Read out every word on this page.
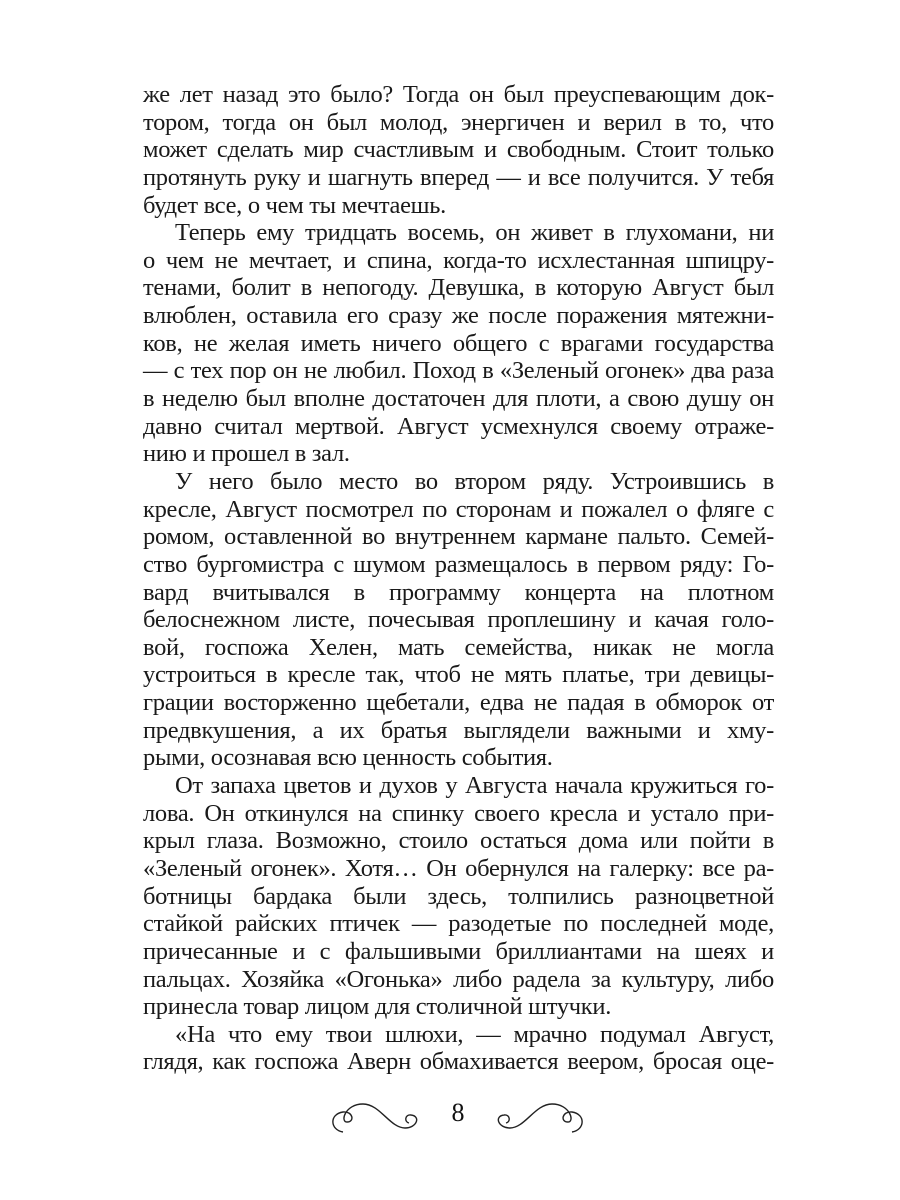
же лет назад это было? Тогда он был преуспевающим док-
тором, тогда он был молод, энергичен и верил в то, что
может сделать мир счастливым и свободным. Стоит только
протянуть руку и шагнуть вперед — и все получится. У тебя
будет все, о чем ты мечтаешь.
Теперь ему тридцать восемь, он живет в глухомани, ни
о чем не мечтает, и спина, когда-то исхлестанная шпицру-
тенами, болит в непогоду. Девушка, в которую Август был
влюблен, оставила его сразу же после поражения мятежни-
ков, не желая иметь ничего общего с врагами государства
— с тех пор он не любил. Поход в «Зеленый огонек» два раза
в неделю был вполне достаточен для плоти, а свою душу он
давно считал мертвой. Август усмехнулся своему отраже-
нию и прошел в зал.
У него было место во втором ряду. Устроившись в
кресле, Август посмотрел по сторонам и пожалел о фляге с
ромом, оставленной во внутреннем кармане пальто. Семей-
ство бургомистра с шумом размещалось в первом ряду: Го-
вард вчитывался в программу концерта на плотном
белоснежном листе, почесывая проплешину и качая голо-
вой, госпожа Хелен, мать семейства, никак не могла
устроиться в кресле так, чтоб не мять платье, три девицы-
грации восторженно щебетали, едва не падая в обморок от
предвкушения, а их братья выглядели важными и хму-
рыми, осознавая всю ценность события.
От запаха цветов и духов у Августа начала кружиться го-
лова. Он откинулся на спинку своего кресла и устало при-
крыл глаза. Возможно, стоило остаться дома или пойти в
«Зеленый огонек». Хотя… Он обернулся на галерку: все ра-
ботницы бардака были здесь, толпились разноцветной
стайкой райских птичек — разодетые по последней моде,
причесанные и с фальшивыми бриллиантами на шеях и
пальцах. Хозяйка «Огонька» либо радела за культуру, либо
принесла товар лицом для столичной штучки.
«На что ему твои шлюхи, — мрачно подумал Август,
глядя, как госпожа Аверн обмахивается веером, бросая оце-
8
